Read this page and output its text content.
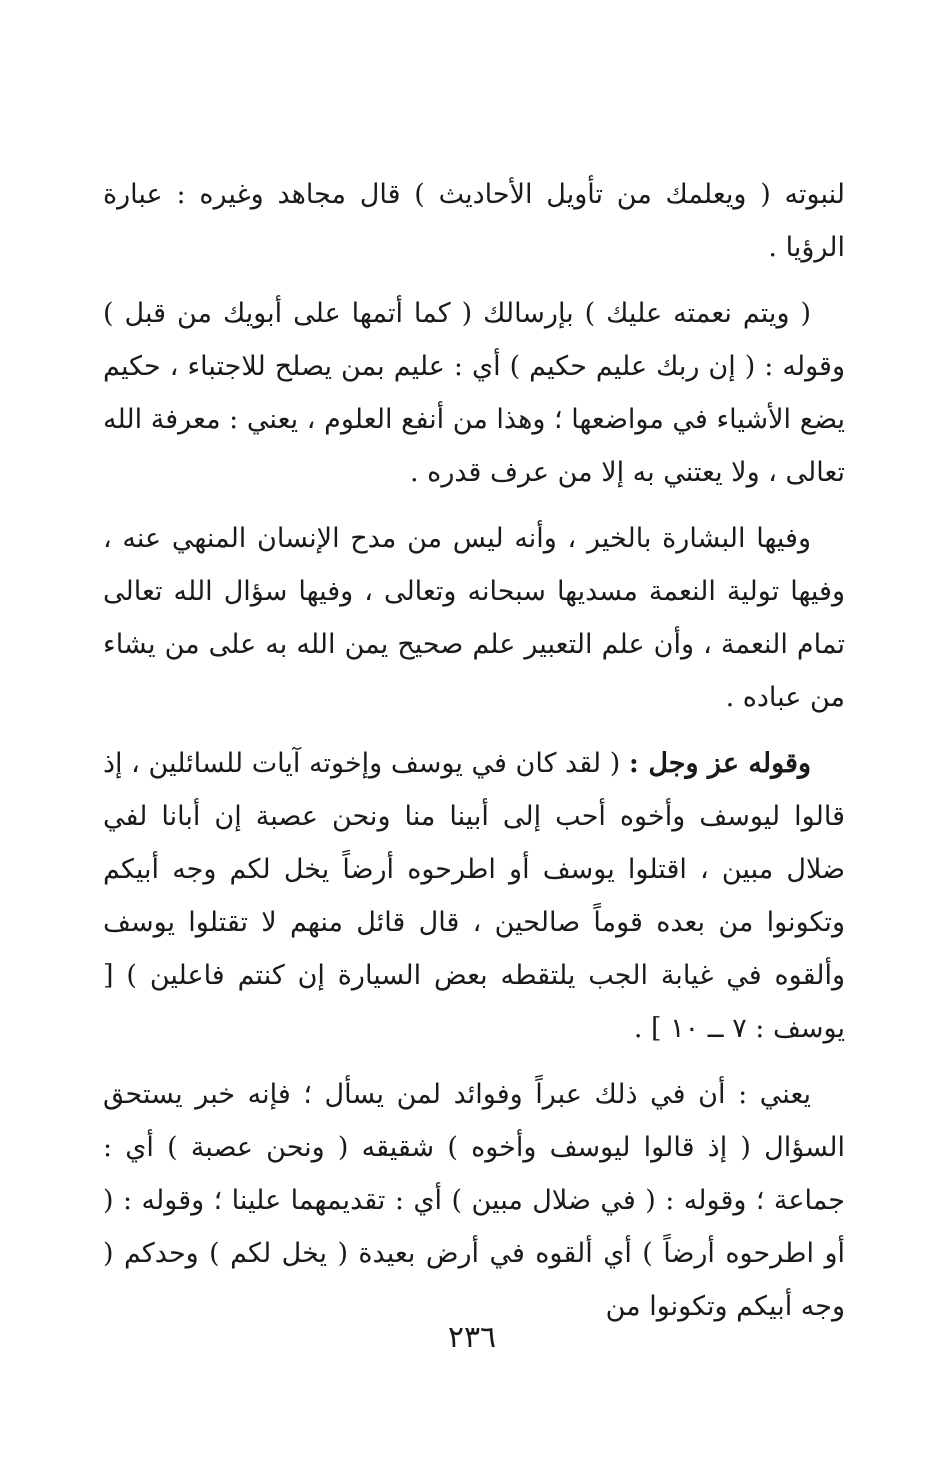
لنبوته ( ويعلمك من تأويل الأحاديث ) قال مجاهد وغيره : عبارة الرؤيا .

( ويتم نعمته عليك ) بإرسالك ( كما أتمها على أبويك من قبل ) وقوله : ( إن ربك عليم حكيم ) أي : عليم بمن يصلح للاجتباء ، حكيم يضع الأشياء في مواضعها ؛ وهذا من أنفع العلوم ، يعني : معرفة الله تعالى ، ولا يعتني به إلا من عرف قدره .

وفيها البشارة بالخير ، وأنه ليس من مدح الإنسان المنهي عنه ، وفيها تولية النعمة مسديها سبحانه وتعالى ، وفيها سؤال الله تعالى تمام النعمة ، وأن علم التعبير علم صحيح يمن الله به على من يشاء من عباده .

وقوله عز وجل : ( لقد كان في يوسف وإخوته آيات للسائلين ، إذ قالوا ليوسف وأخوه أحب إلى أبينا منا ونحن عصبة إن أبانا لفي ضلال مبين ، اقتلوا يوسف أو اطرحوه أرضاً يخل لكم وجه أبيكم وتكونوا من بعده قوماً صالحين ، قال قائل منهم لا تقتلوا يوسف وألقوه في غيابة الجب يلتقطه بعض السيارة إن كنتم فاعلين ) [ يوسف : ٧ ــ ١٠ ] .

يعني : أن في ذلك عبراً وفوائد لمن يسأل ؛ فإنه خبر يستحق السؤال ( إذ قالوا ليوسف وأخوه ) شقيقه ( ونحن عصبة ) أي : جماعة ؛ وقوله : ( في ضلال مبين ) أي : تقديمهما علينا ؛ وقوله : ( أو اطرحوه أرضاً ) أي ألقوه في أرض بعيدة ( يخل لكم ) وحدكم ( وجه أبيكم وتكونوا من

٢٣٦
